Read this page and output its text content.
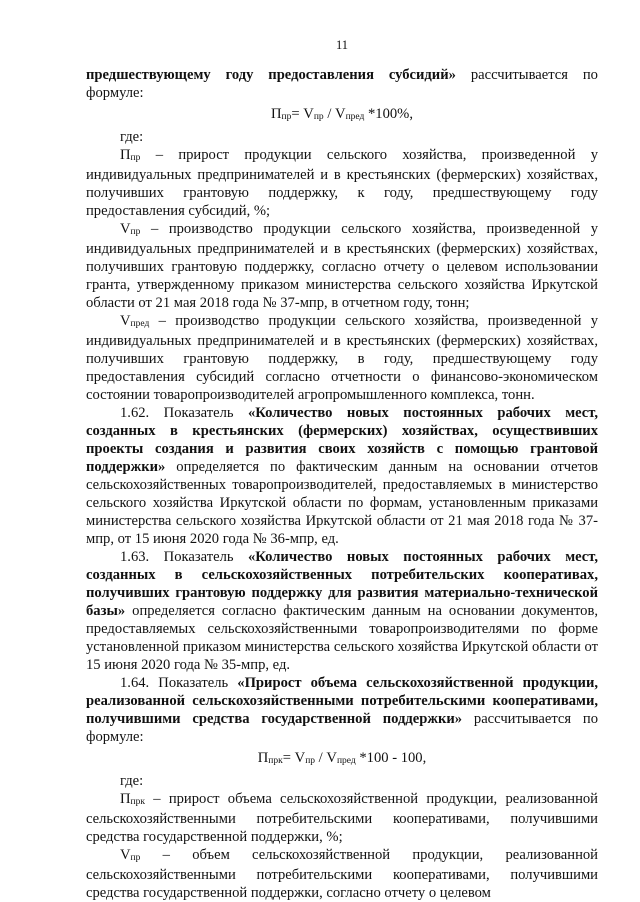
11

предшествующему году предоставления субсидий» рассчитывается по формуле:

$П_{пр}= V_{пр} / V_{пред}$ *100%,

где:

$П_{пр}$ – прирост продукции сельского хозяйства, произведенной у индивидуальных предпринимателей и в крестьянских (фермерских) хозяйствах, получивших грантовую поддержку, к году, предшествующему году предоставления субсидий, %;

$V_{пр}$ – производство продукции сельского хозяйства, произведенной у индивидуальных предпринимателей и в крестьянских (фермерских) хозяйствах, получивших грантовую поддержку, согласно отчету о целевом использовании гранта, утвержденному приказом министерства сельского хозяйства Иркутской области от 21 мая 2018 года № 37-мпр, в отчетном году, тонн;

$V_{пред}$ – производство продукции сельского хозяйства, произведенной у индивидуальных предпринимателей и в крестьянских (фермерских) хозяйствах, получивших грантовую поддержку, в году, предшествующему году предоставления субсидий согласно отчетности о финансово-экономическом состоянии товаропроизводителей агропромышленного комплекса, тонн.

1.62. Показатель «Количество новых постоянных рабочих мест, созданных в крестьянских (фермерских) хозяйствах, осуществивших проекты создания и развития своих хозяйств с помощью грантовой поддержки» определяется по фактическим данным на основании отчетов сельскохозяйственных товаропроизводителей, предоставляемых в министерство сельского хозяйства Иркутской области по формам, установленным приказами министерства сельского хозяйства Иркутской области от 21 мая 2018 года № 37-мпр, от 15 июня 2020 года № 36-мпр, ед.

1.63. Показатель «Количество новых постоянных рабочих мест, созданных в сельскохозяйственных потребительских кооперативах, получивших грантовую поддержку для развития материально-технической базы» определяется согласно фактическим данным на основании документов, предоставляемых сельскохозяйственными товаропроизводителями по форме установленной приказом министерства сельского хозяйства Иркутской области от 15 июня 2020 года № 35-мпр, ед.

1.64. Показатель «Прирост объема сельскохозяйственной продукции, реализованной сельскохозяйственными потребительскими кооперативами, получившими средства государственной поддержки» рассчитывается по формуле:

$П_{прк}= V_{пр} / V_{пред}$ *100 - 100,

где:

$П_{прк}$ – прирост объема сельскохозяйственной продукции, реализованной сельскохозяйственными потребительскими кооперативами, получившими средства государственной поддержки, %;

$V_{пр}$ – объем сельскохозяйственной продукции, реализованной сельскохозяйственными потребительскими кооперативами, получившими средства государственной поддержки, согласно отчету о целевом
